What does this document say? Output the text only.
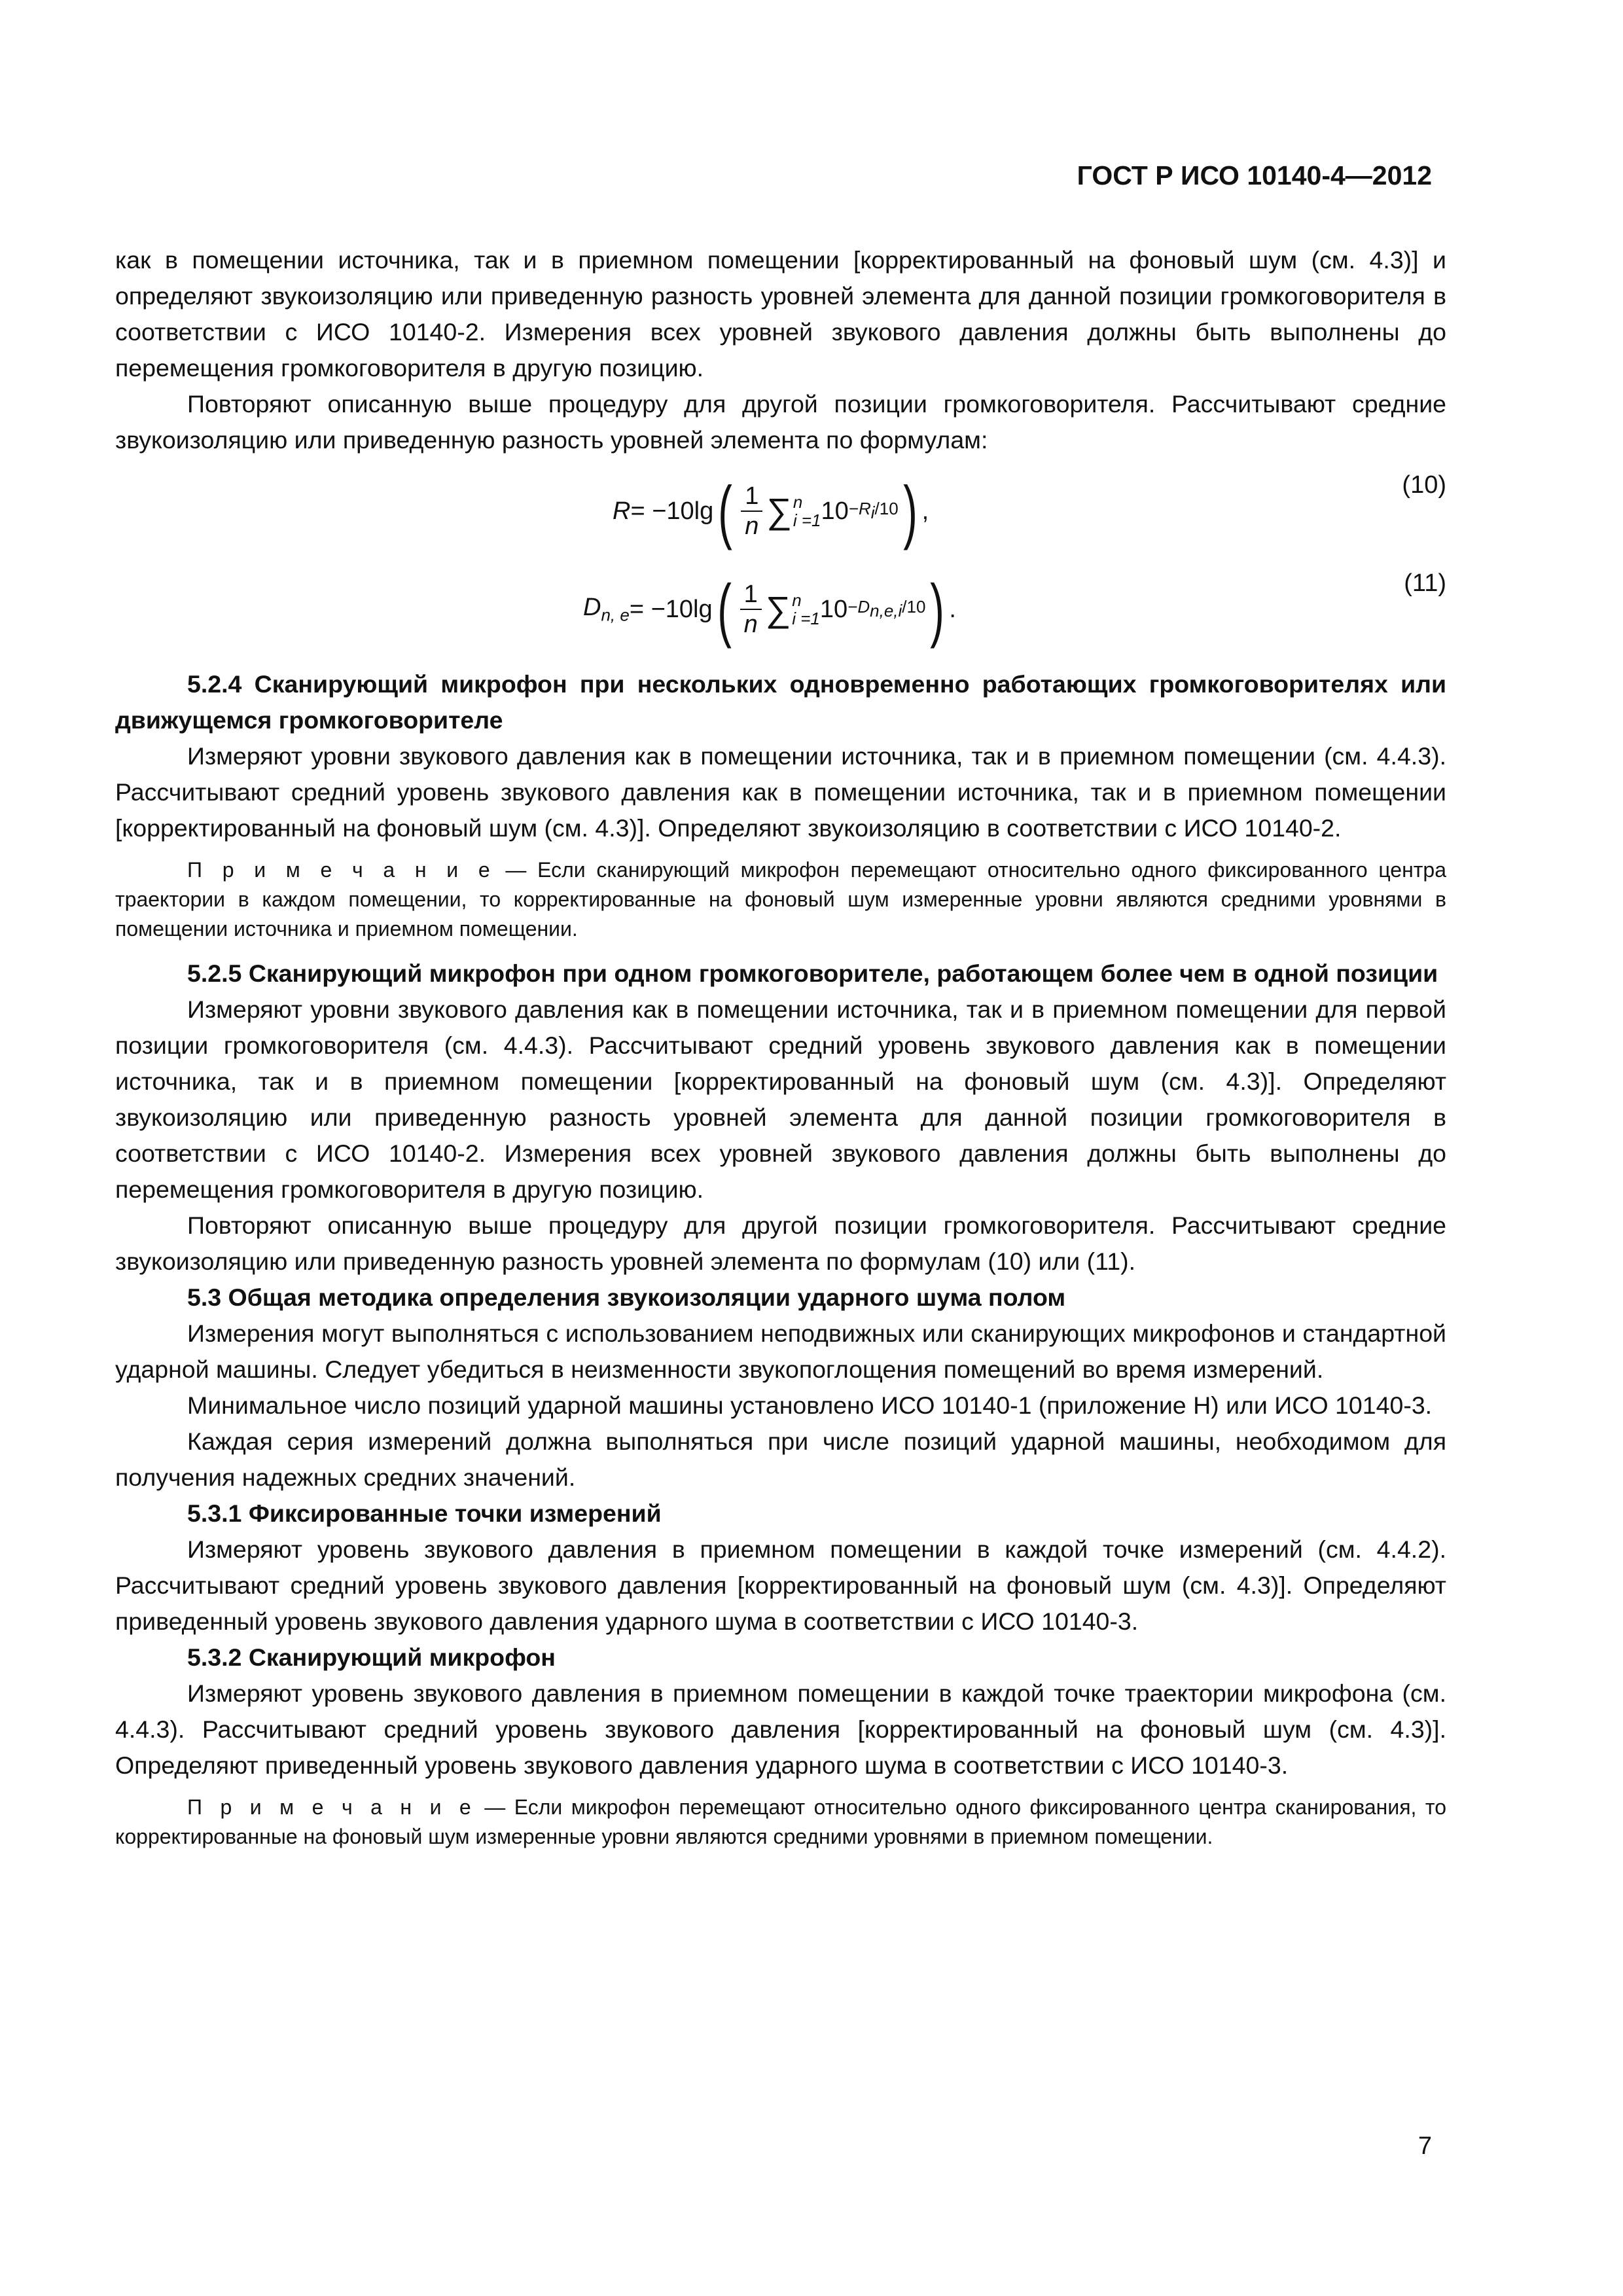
ГОСТ Р ИСО 10140-4—2012

как в помещении источника, так и в приемном помещении [корректированный на фоновый шум (см. 4.3)] и определяют звукоизоляцию или приведенную разность уровней элемента для данной позиции громкоговорителя в соответствии с ИСО 10140-2. Измерения всех уровней звукового давления должны быть выполнены до перемещения громкоговорителя в другую позицию.

Повторяют описанную выше процедуру для другой позиции громкоговорителя. Рассчитывают средние звукоизоляцию или приведенную разность уровней элемента по формулам:

R = −10lg ( $\frac{1}{n}$ ∑ n
i =1 $10 -R_i/10$ ) ,
(10)
$D_{n, e} = -10\lg$ ( $\frac{1}{n}$ ∑ n
i =1 $10 -D_{n,e,i}/10$ ) .
(11)
5.2.4 Сканирующий микрофон при нескольких одновременно работающих громкоговорителях или движущемся громкоговорителе

Измеряют уровни звукового давления как в помещении источника, так и в приемном помещении (см. 4.4.3). Рассчитывают средний уровень звукового давления как в помещении источника, так и в приемном помещении [корректированный на фоновый шум (см. 4.3)]. Определяют звукоизоляцию в соответствии с ИСО 10140-2.

П р и м е ч а н и е — Если сканирующий микрофон перемещают относительно одного фиксированного центра траектории в каждом помещении, то корректированные на фоновый шум измеренные уровни являются средними уровнями в помещении источника и приемном помещении.

5.2.5 Сканирующий микрофон при одном громкоговорителе, работающем более чем в одной позиции

Измеряют уровни звукового давления как в помещении источника, так и в приемном помещении для первой позиции громкоговорителя (см. 4.4.3). Рассчитывают средний уровень звукового давления как в помещении источника, так и в приемном помещении [корректированный на фоновый шум (см. 4.3)]. Определяют звукоизоляцию или приведенную разность уровней элемента для данной позиции громкоговорителя в соответствии с ИСО 10140-2. Измерения всех уровней звукового давления должны быть выполнены до перемещения громкоговорителя в другую позицию.

Повторяют описанную выше процедуру для другой позиции громкоговорителя. Рассчитывают средние звукоизоляцию или приведенную разность уровней элемента по формулам (10) или (11).

5.3 Общая методика определения звукоизоляции ударного шума полом

Измерения могут выполняться с использованием неподвижных или сканирующих микрофонов и стандартной ударной машины. Следует убедиться в неизменности звукопоглощения помещений во время измерений.

Минимальное число позиций ударной машины установлено ИСО 10140-1 (приложение Н) или ИСО 10140-3.

Каждая серия измерений должна выполняться при числе позиций ударной машины, необходимом для получения надежных средних значений.

5.3.1 Фиксированные точки измерений

Измеряют уровень звукового давления в приемном помещении в каждой точке измерений (см. 4.4.2). Рассчитывают средний уровень звукового давления [корректированный на фоновый шум (см. 4.3)]. Определяют приведенный уровень звукового давления ударного шума в соответствии с ИСО 10140-3.

5.3.2 Сканирующий микрофон

Измеряют уровень звукового давления в приемном помещении в каждой точке траектории микрофона (см. 4.4.3). Рассчитывают средний уровень звукового давления [корректированный на фоновый шум (см. 4.3)]. Определяют приведенный уровень звукового давления ударного шума в соответствии с ИСО 10140-3.

П р и м е ч а н и е — Если микрофон перемещают относительно одного фиксированного центра сканирования, то корректированные на фоновый шум измеренные уровни являются средними уровнями в приемном помещении.

7
